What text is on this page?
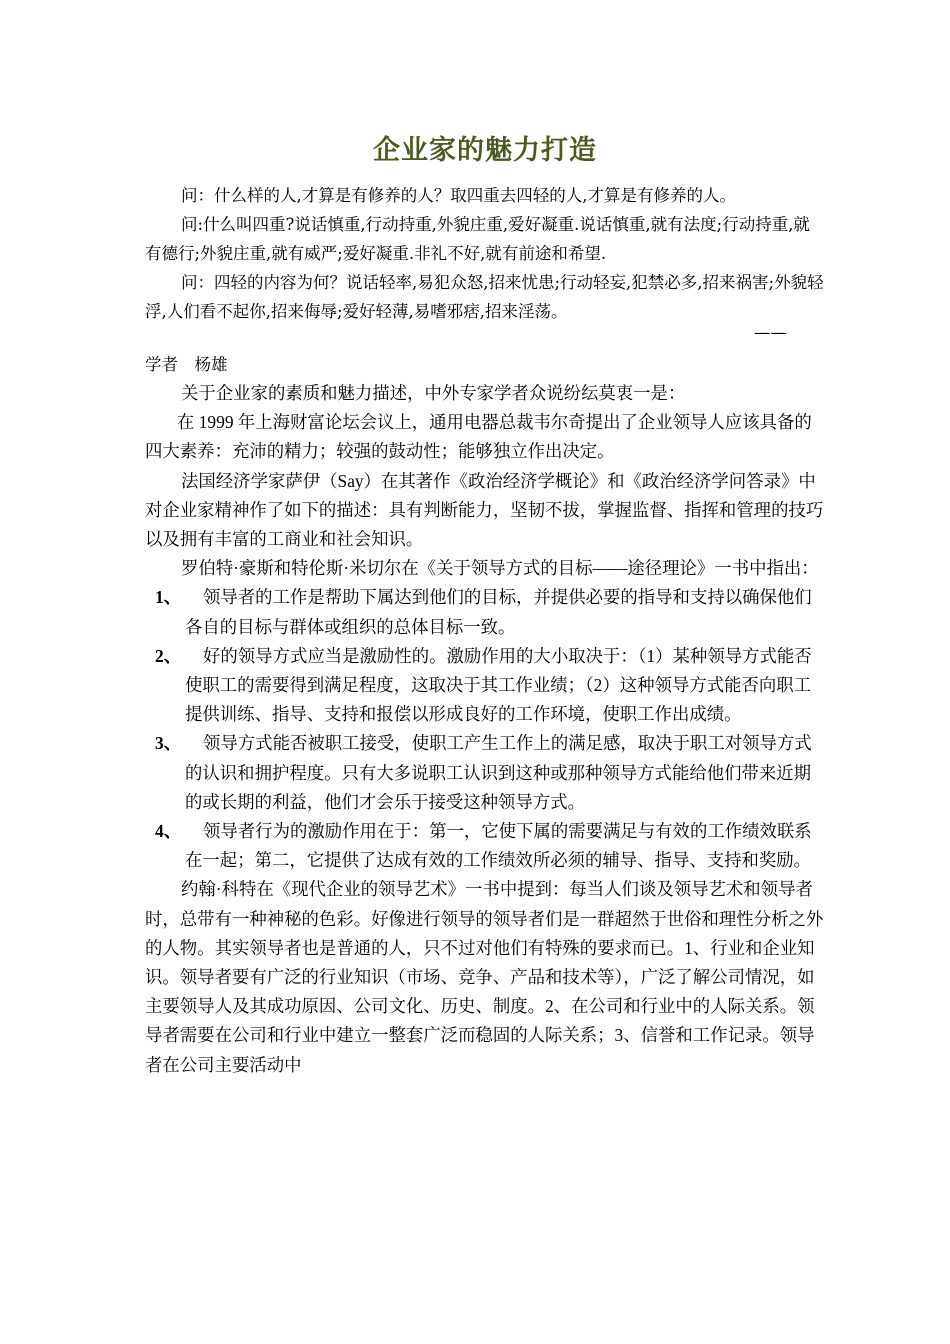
企业家的魅力打造

问：什么样的人,才算是有修养的人？取四重去四轻的人,才算是有修养的人。

问:什么叫四重?说话慎重,行动持重,外貌庄重,爱好凝重.说话慎重,就有法度;行动持重,就有德行;外貌庄重,就有威严;爱好凝重.非礼不好,就有前途和希望.

问：四轻的内容为何？说话轻率,易犯众怒,招来忧患;行动轻妄,犯禁必多,招来祸害;外貌轻浮,人们看不起你,招来侮辱;爱好轻薄,易嗜邪痞,招来淫荡。

——

学者　杨雄

关于企业家的素质和魅力描述，中外专家学者众说纷纭莫衷一是：

在 1999 年上海财富论坛会议上，通用电器总裁韦尔奇提出了企业领导人应该具备的四大素养：充沛的精力；较强的鼓动性；能够独立作出决定。

法国经济学家萨伊（Say）在其著作《政治经济学概论》和《政治经济学问答录》中对企业家精神作了如下的描述：具有判断能力，坚韧不拔，掌握监督、指挥和管理的技巧以及拥有丰富的工商业和社会知识。

罗伯特·豪斯和特伦斯·米切尔在《关于领导方式的目标——途径理论》一书中指出：

1、	领导者的工作是帮助下属达到他们的目标，并提供必要的指导和支持以确保他们各自的目标与群体或组织的总体目标一致。
2、	好的领导方式应当是激励性的。激励作用的大小取决于：（1）某种领导方式能否使职工的需要得到满足程度，这取决于其工作业绩；（2）这种领导方式能否向职工提供训练、指导、支持和报偿以形成良好的工作环境，使职工作出成绩。
3、	领导方式能否被职工接受，使职工产生工作上的满足感，取决于职工对领导方式的认识和拥护程度。只有大多说职工认识到这种或那种领导方式能给他们带来近期的或长期的利益，他们才会乐于接受这种领导方式。
4、	领导者行为的激励作用在于：第一，它使下属的需要满足与有效的工作绩效联系在一起；第二，它提供了达成有效的工作绩效所必须的辅导、指导、支持和奖励。

约翰·科特在《现代企业的领导艺术》一书中提到：每当人们谈及领导艺术和领导者时，总带有一种神秘的色彩。好像进行领导的领导者们是一群超然于世俗和理性分析之外的人物。其实领导者也是普通的人，只不过对他们有特殊的要求而已。1、行业和企业知识。领导者要有广泛的行业知识（市场、竞争、产品和技术等），广泛了解公司情况，如主要领导人及其成功原因、公司文化、历史、制度。2、在公司和行业中的人际关系。领导者需要在公司和行业中建立一整套广泛而稳固的人际关系；3、信誉和工作记录。领导者在公司主要活动中
